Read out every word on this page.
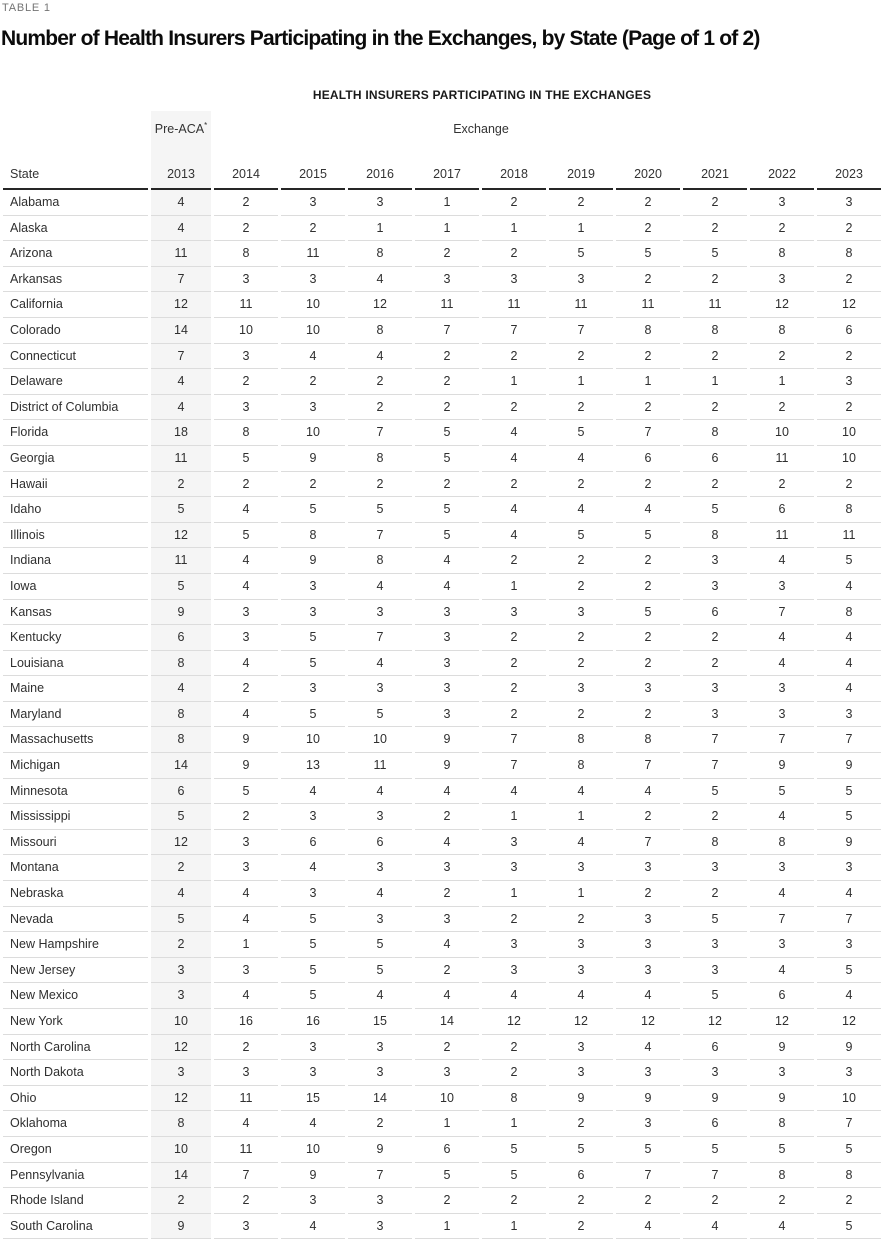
TABLE 1
Number of Health Insurers Participating in the Exchanges, by State (Page of 1 of 2)
HEALTH INSURERS PARTICIPATING IN THE EXCHANGES
	Pre-ACA*	Exchange									
State	2013	2014	2015	2016	2017	2018	2019	2020	2021	2022	2023
Alabama	4	2	3	3	1	2	2	2	2	3	3
Alaska	4	2	2	1	1	1	1	2	2	2	2
Arizona	11	8	11	8	2	2	5	5	5	8	8
Arkansas	7	3	3	4	3	3	3	2	2	3	2
California	12	11	10	12	11	11	11	11	11	12	12
Colorado	14	10	10	8	7	7	7	8	8	8	6
Connecticut	7	3	4	4	2	2	2	2	2	2	2
Delaware	4	2	2	2	2	1	1	1	1	1	3
District of Columbia	4	3	3	2	2	2	2	2	2	2	2
Florida	18	8	10	7	5	4	5	7	8	10	10
Georgia	11	5	9	8	5	4	4	6	6	11	10
Hawaii	2	2	2	2	2	2	2	2	2	2	2
Idaho	5	4	5	5	5	4	4	4	5	6	8
Illinois	12	5	8	7	5	4	5	5	8	11	11
Indiana	11	4	9	8	4	2	2	2	3	4	5
Iowa	5	4	3	4	4	1	2	2	3	3	4
Kansas	9	3	3	3	3	3	3	5	6	7	8
Kentucky	6	3	5	7	3	2	2	2	2	4	4
Louisiana	8	4	5	4	3	2	2	2	2	4	4
Maine	4	2	3	3	3	2	3	3	3	3	4
Maryland	8	4	5	5	3	2	2	2	3	3	3
Massachusetts	8	9	10	10	9	7	8	8	7	7	7
Michigan	14	9	13	11	9	7	8	7	7	9	9
Minnesota	6	5	4	4	4	4	4	4	5	5	5
Mississippi	5	2	3	3	2	1	1	2	2	4	5
Missouri	12	3	6	6	4	3	4	7	8	8	9
Montana	2	3	4	3	3	3	3	3	3	3	3
Nebraska	4	4	3	4	2	1	1	2	2	4	4
Nevada	5	4	5	3	3	2	2	3	5	7	7
New Hampshire	2	1	5	5	4	3	3	3	3	3	3
New Jersey	3	3	5	5	2	3	3	3	3	4	5
New Mexico	3	4	5	4	4	4	4	4	5	6	4
New York	10	16	16	15	14	12	12	12	12	12	12
North Carolina	12	2	3	3	2	2	3	4	6	9	9
North Dakota	3	3	3	3	3	2	3	3	3	3	3
Ohio	12	11	15	14	10	8	9	9	9	9	10
Oklahoma	8	4	4	2	1	1	2	3	6	8	7
Oregon	10	11	10	9	6	5	5	5	5	5	5
Pennsylvania	14	7	9	7	5	5	6	7	7	8	8
Rhode Island	2	2	3	3	2	2	2	2	2	2	2
South Carolina	9	3	4	3	1	1	2	4	4	4	5
